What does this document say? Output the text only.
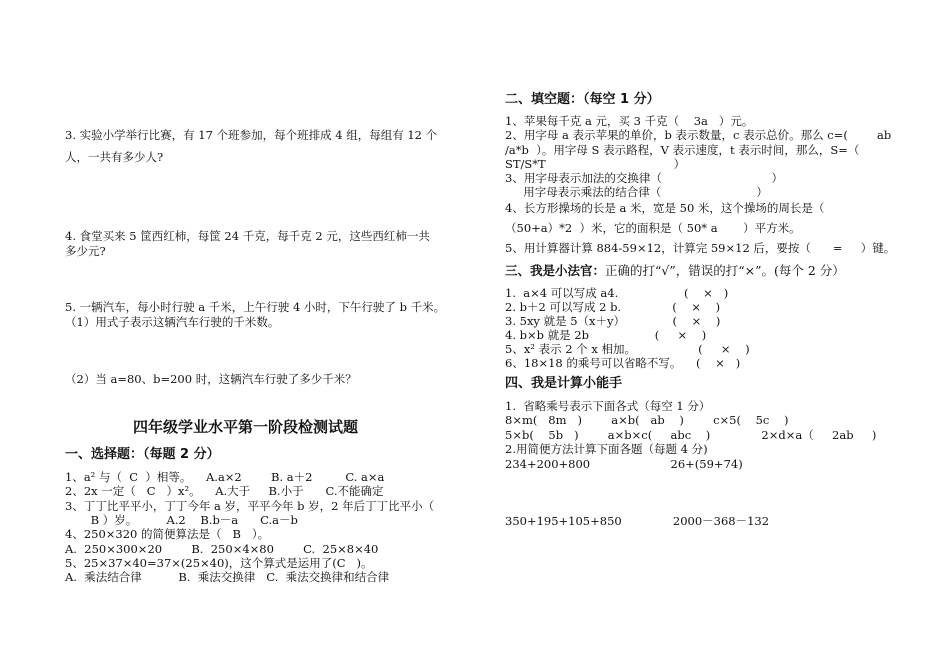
3. 实验小学举行比赛，有 17 个班参加，每个班排成 4 组，每组有 12 个
人，一共有多少人?
4. 食堂买来 5 筐西红柿，每筐 24 千克，每千克 2 元，这些西红柿一共
多少元?
5. 一辆汽车，每小时行驶 a 千米，上午行驶 4 小时，下午行驶了 b 千米。
（1）用式子表示这辆汽车行驶的千米数。
（2）当 a=80、b=200 时，这辆汽车行驶了多少千米？
四年级学业水平第一阶段检测试题
一、选择题：（每题 2 分）
1、a² 与（  C  ）相等。    A.a×2        B. a＋2         C. a×a
2、2x 一定（   C   ）x²。    A.大于     B.小于      C.不能确定
3、丁丁比平平小，丁丁今年 a 岁，平平今年 b 岁，2 年后丁丁比平小（
B ）岁。        A.2    B.b－a      C.a－b
4、250×320 的简便算法是（   B   ）。
A.  250×300×20        B.  250×4×80        C.  25×8×40
5、25×37×40=37×(25×40)，这个算式是运用了(C   )。
A.  乘法结合律          B.  乘法交换律   C.  乘法交换律和结合律
二、填空题：（每空 1 分）
1、苹果每千克 a 元，买 3 千克（    3a   ）元。
2、用字母 a 表示苹果的单价，b 表示数量，c 表示总价。那么 c=(        ab
/a*b  ）。用字母 S 表示路程，V 表示速度，t 表示时间，那么，S=（
ST/S*T                                   ）
3、用字母表示加法的交换律（                              ）
用字母表示乘法的结合律（                          ）
4、长方形操场的长是 a 米，宽是 50 米，这个操场的周长是（
（50+a）*2  ）米，它的面积是（ 50* a       ）平方米。
5、用计算器计算 884-59×12，计算完 59×12 后，要按（      =     ）键。
三、我是小法官：正确的打“√”，错误的打“×”。(每个 2 分）
1.  a×4 可以写成 a4.                  (    ×   )
2. b＋2 可以写成 2 b.              (    ×    )
3. 5xy 就是 5（x＋y）             (    ×    )
4. b×b 就是 2b                  (     ×    )
5、x² 表示 2 个 x 相加。                 (     ×    )
6、18×18 的乘号可以省略不写。    (    ×   )
四、我是计算小能手
1.  省略乘号表示下面各式（每空 1 分）
8×m(   8m   )        a×b(   ab    )        c×5(    5c    )
5×b(    5b   )        a×b×c(     abc    )              2×d×a（     2ab     )
2.用简便方法计算下面各题（每题 4 分)
234+200+800                      26+(59+74)
350+195+105+850              2000－368－132
